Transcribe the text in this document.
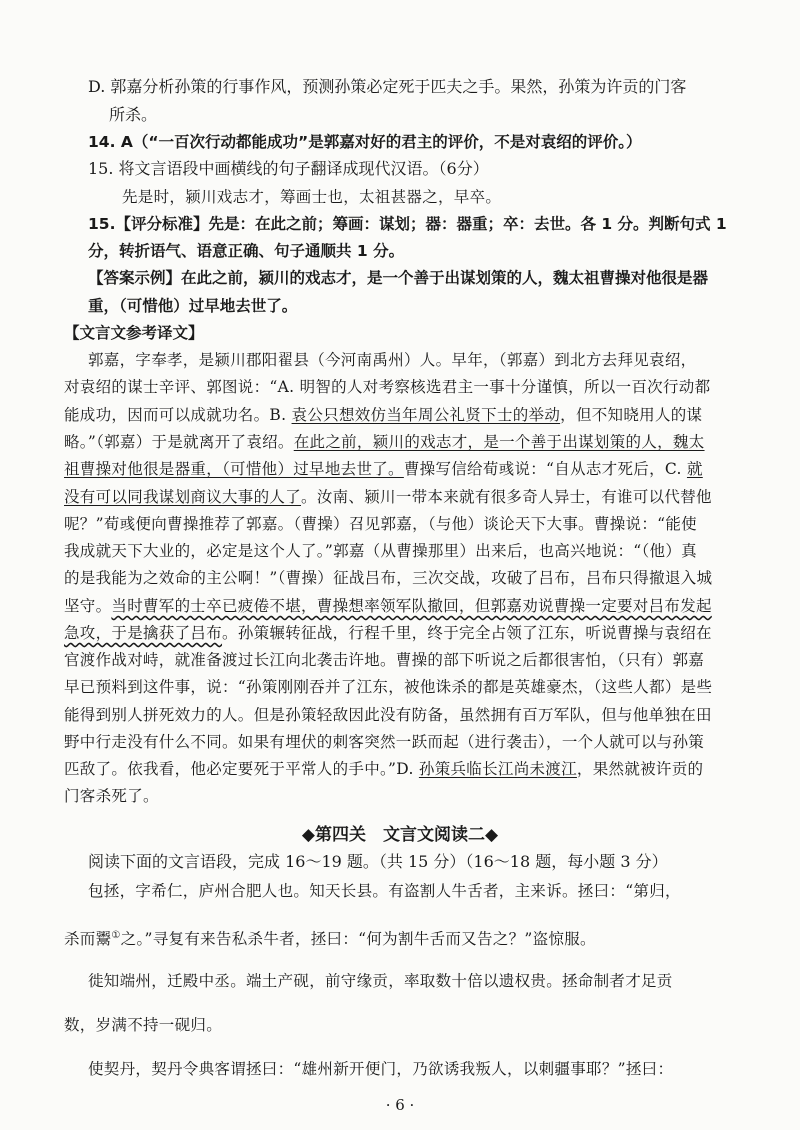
D. 郭嘉分析孙策的行事作风，预测孙策必定死于匹夫之手。果然，孙策为许贡的门客
所杀。
14. A（“一百次行动都能成功”是郭嘉对好的君主的评价，不是对袁绍的评价。）
15. 将文言语段中画横线的句子翻译成现代汉语。（6分）
先是时，颍川戏志才，筹画士也，太祖甚器之，早卒。
15.【评分标准】先是：在此之前；筹画：谋划；器：器重；卒：去世。各 1 分。判断句式 1
分，转折语气、语意正确、句子通顺共 1 分。
【答案示例】在此之前，颍川的戏志才，是一个善于出谋划策的人，魏太祖曹操对他很是器
重，（可惜他）过早地去世了。
【文言文参考译文】
郭嘉，字奉孝，是颍川郡阳翟县（今河南禹州）人。早年，（郭嘉）到北方去拜见袁绍，
对袁绍的谋士辛评、郭图说：“A. 明智的人对考察核选君主一事十分谨慎，所以一百次行动都
能成功，因而可以成就功名。B. 袁公只想效仿当年周公礼贤下士的举动，但不知晓用人的谋
略。”（郭嘉）于是就离开了袁绍。在此之前，颍川的戏志才，是一个善于出谋划策的人，魏太
祖曹操对他很是器重，（可惜他）过早地去世了。曹操写信给荀彧说：“自从志才死后，C. 就
没有可以同我谋划商议大事的人了。汝南、颍川一带本来就有很多奇人异士，有谁可以代替他
呢？”荀彧便向曹操推荐了郭嘉。（曹操）召见郭嘉，（与他）谈论天下大事。曹操说：“能使
我成就天下大业的，必定是这个人了。”郭嘉（从曹操那里）出来后，也高兴地说：“（他）真
的是我能为之效命的主公啊！”（曹操）征战吕布，三次交战，攻破了吕布，吕布只得撤退入城
坚守。当时曹军的士卒已疲倦不堪，曹操想率领军队撤回，但郭嘉劝说曹操一定要对吕布发起
急攻，于是擒获了吕布。孙策辗转征战，行程千里，终于完全占领了江东，听说曹操与袁绍在
官渡作战对峙，就准备渡过长江向北袭击许地。曹操的部下听说之后都很害怕，（只有）郭嘉
早已预料到这件事，说：“孙策刚刚吞并了江东，被他诛杀的都是英雄豪杰，（这些人都）是些
能得到别人拼死效力的人。但是孙策轻敌因此没有防备，虽然拥有百万军队，但与他单独在田
野中行走没有什么不同。如果有埋伏的刺客突然一跃而起（进行袭击），一个人就可以与孙策
匹敌了。依我看，他必定要死于平常人的手中。”D. 孙策兵临长江尚未渡江，果然就被许贡的
门客杀死了。
◆第四关　文言文阅读二◆
阅读下面的文言语段，完成 16～19 题。（共 15 分）（16～18 题，每小题 3 分）
包拯，字希仁，庐州合肥人也。知天长县。有盗割人牛舌者，主来诉。拯曰：“第归，
杀而鬻①之。”寻复有来告私杀牛者，拯曰：“何为割牛舌而又告之？”盗惊服。
徙知端州，迁殿中丞。端土产砚，前守缘贡，率取数十倍以遗权贵。拯命制者才足贡
数，岁满不持一砚归。
使契丹，契丹令典客谓拯曰：“雄州新开便门，乃欲诱我叛人，以刺疆事耶？”拯曰：
· 6 ·
